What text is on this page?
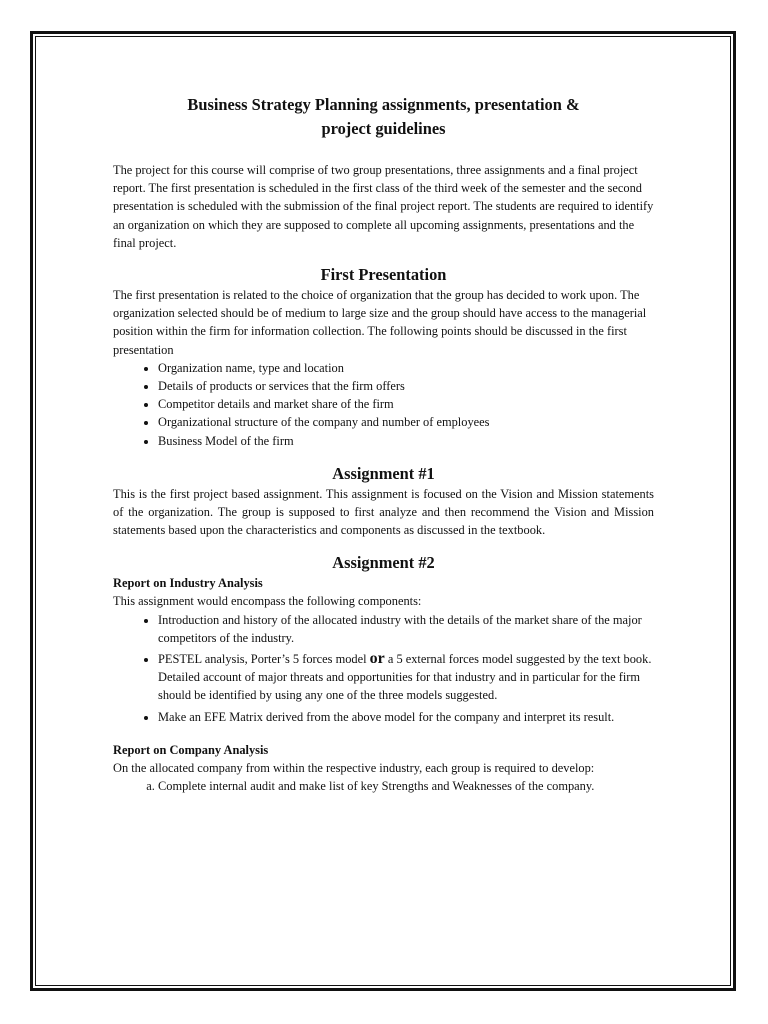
Business Strategy Planning assignments, presentation &
project guidelines

The project for this course will comprise of two group presentations, three assignments and a final project report. The first presentation is scheduled in the first class of the third week of the semester and the second presentation is scheduled with the submission of the final project report. The students are required to identify an organization on which they are supposed to complete all upcoming assignments, presentations and the final project.

First Presentation

The first presentation is related to the choice of organization that the group has decided to work upon. The organization selected should be of medium to large size and the group should have access to the managerial position within the firm for information collection. The following points should be discussed in the first presentation

• Organization name, type and location
• Details of products or services that the firm offers
• Competitor details and market share of the firm
• Organizational structure of the company and number of employees
• Business Model of the firm
Assignment #1

This is the first project based assignment. This assignment is focused on the Vision and Mission statements of the organization. The group is supposed to first analyze and then recommend the Vision and Mission statements based upon the characteristics and components as discussed in the textbook.

Assignment #2
Report on Industry Analysis

This assignment would encompass the following components:

• Introduction and history of the allocated industry with the details of the market share of the major competitors of the industry.
• PESTEL analysis, Porter’s 5 forces model or a 5 external forces model suggested by the text book. Detailed account of major threats and opportunities for that industry and in particular for the firm should be identified by using any one of the three models suggested.
• Make an EFE Matrix derived from the above model for the company and interpret its result.
Report on Company Analysis

On the allocated company from within the respective industry, each group is required to develop:

a. Complete internal audit and make list of key Strengths and Weaknesses of the company.
